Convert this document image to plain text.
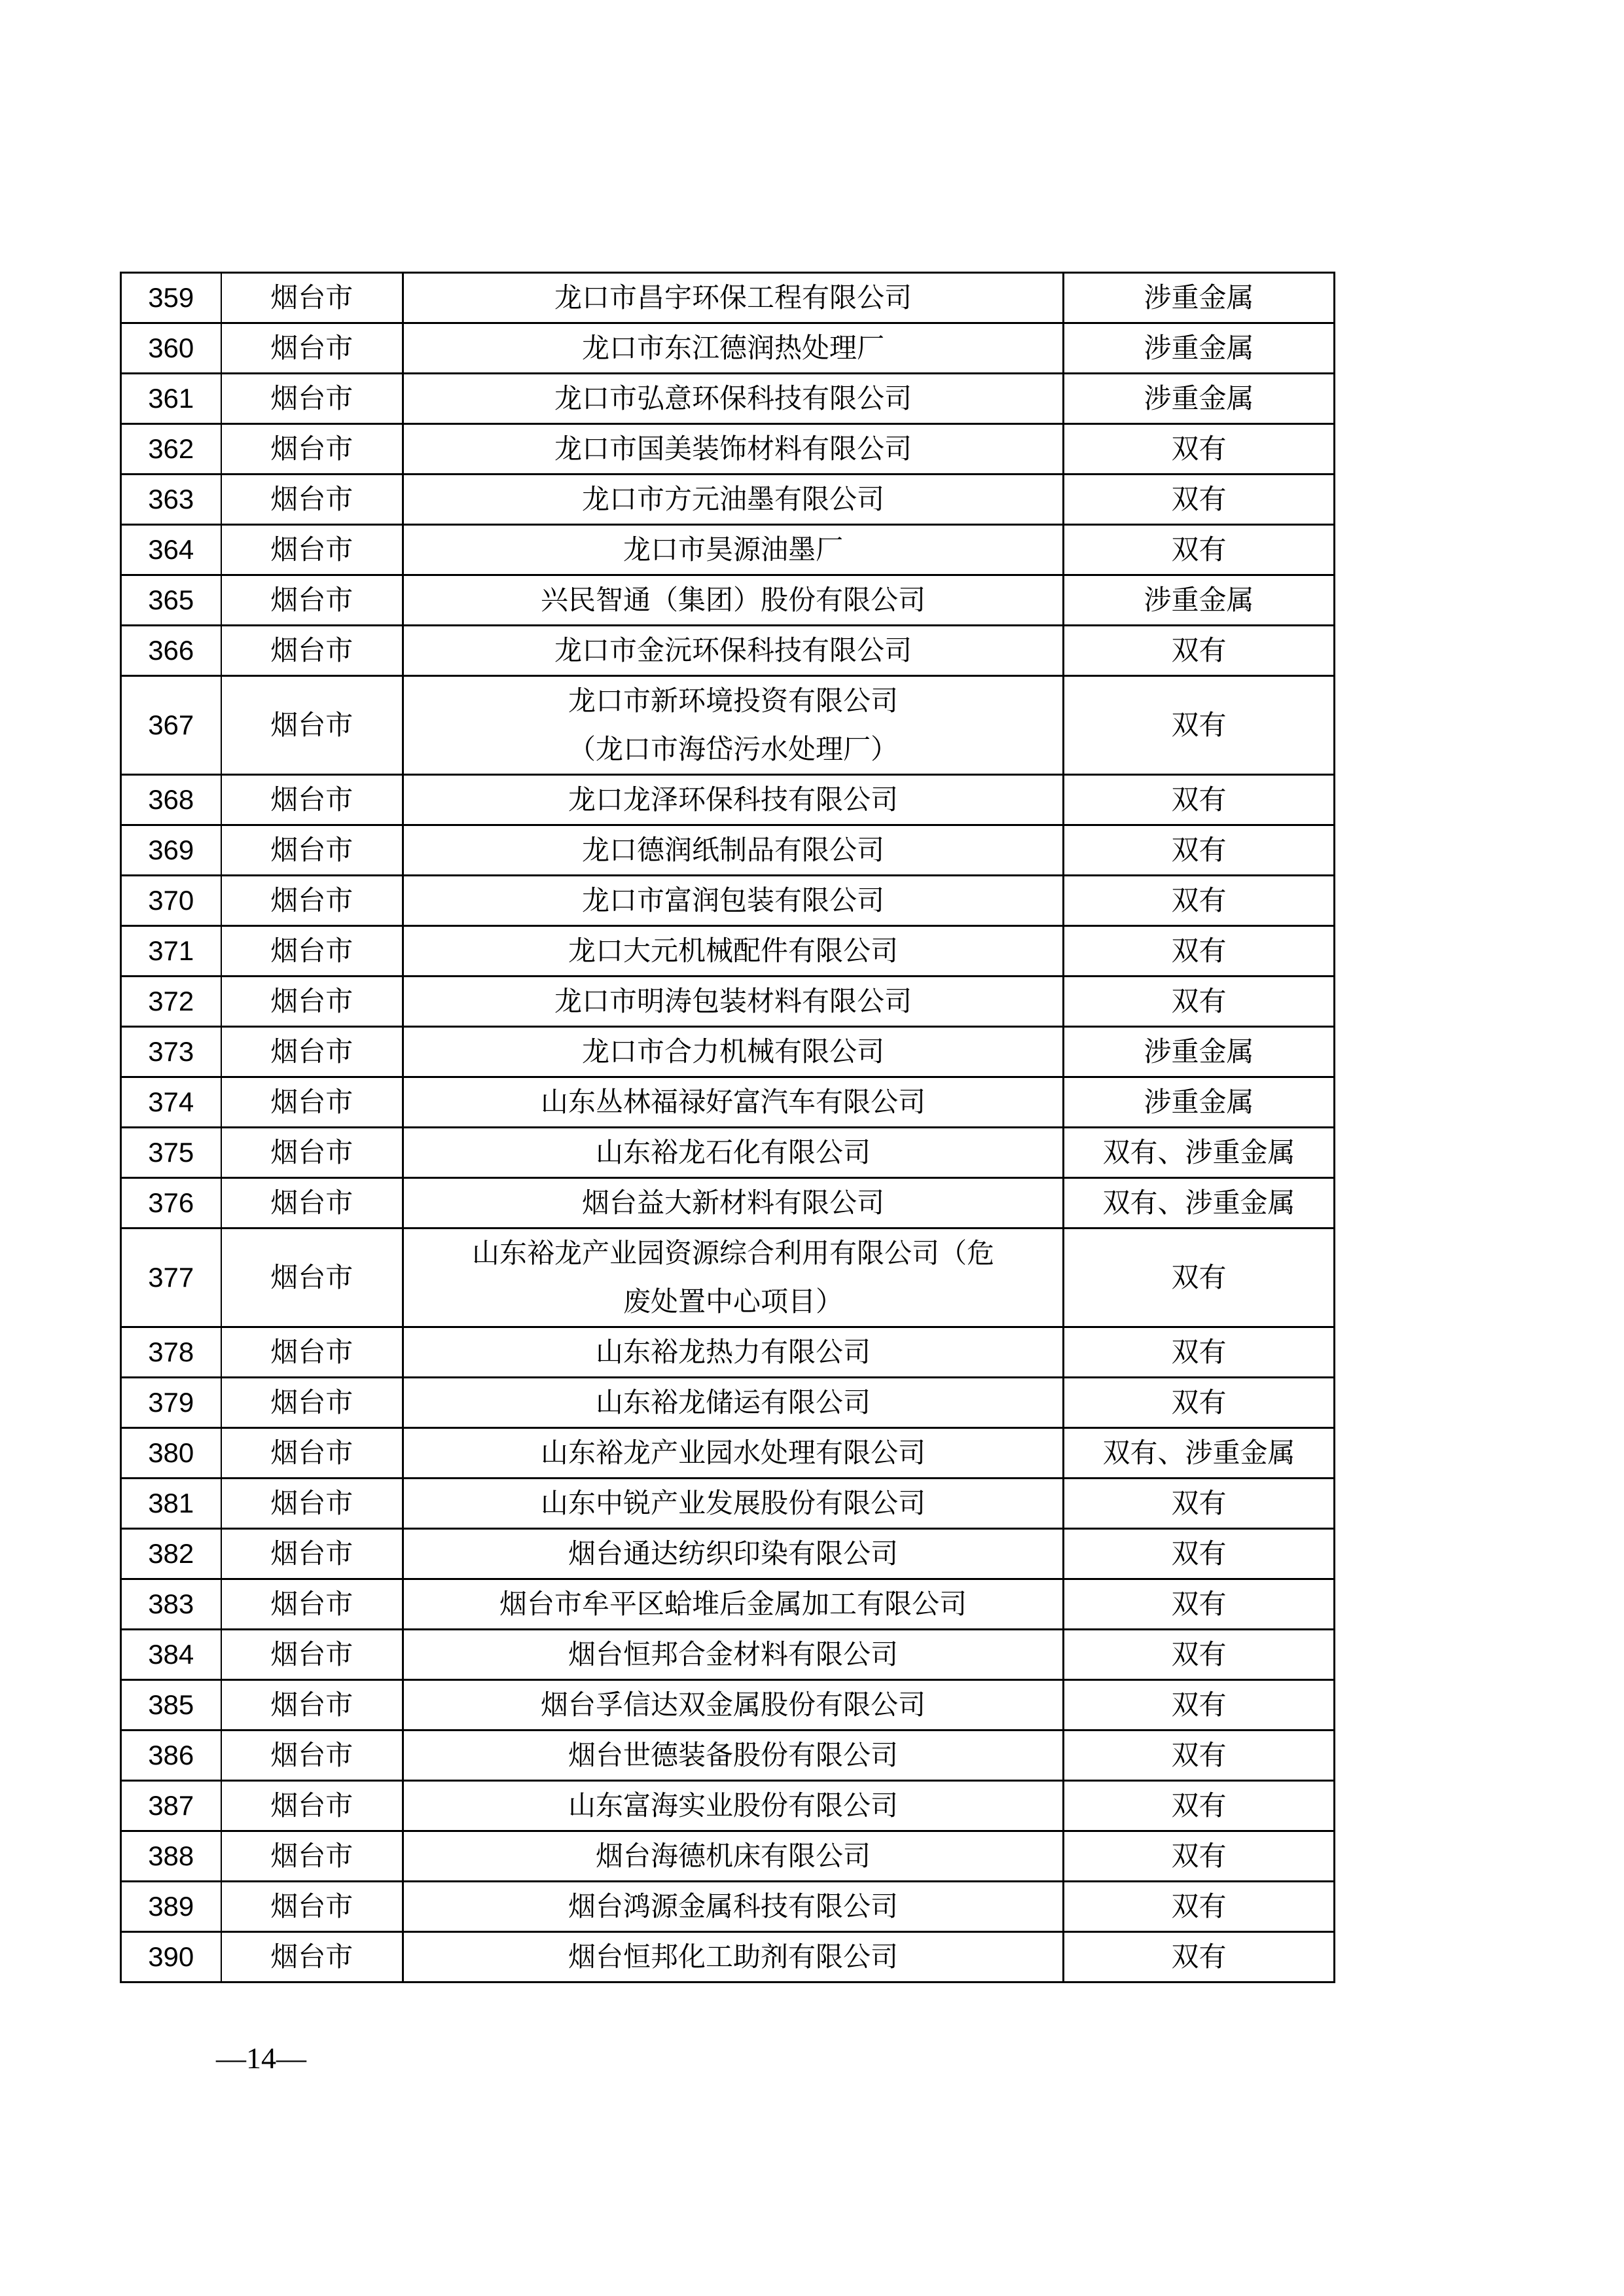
359	烟台市	龙口市昌宇环保工程有限公司	涉重金属
360	烟台市	龙口市东江德润热处理厂	涉重金属
361	烟台市	龙口市弘意环保科技有限公司	涉重金属
362	烟台市	龙口市国美装饰材料有限公司	双有
363	烟台市	龙口市方元油墨有限公司	双有
364	烟台市	龙口市昊源油墨厂	双有
365	烟台市	兴民智通（集团）股份有限公司	涉重金属
366	烟台市	龙口市金沅环保科技有限公司	双有
367	烟台市	龙口市新环境投资有限公司
（龙口市海岱污水处理厂）	双有
368	烟台市	龙口龙泽环保科技有限公司	双有
369	烟台市	龙口德润纸制品有限公司	双有
370	烟台市	龙口市富润包装有限公司	双有
371	烟台市	龙口大元机械配件有限公司	双有
372	烟台市	龙口市明涛包装材料有限公司	双有
373	烟台市	龙口市合力机械有限公司	涉重金属
374	烟台市	山东丛林福禄好富汽车有限公司	涉重金属
375	烟台市	山东裕龙石化有限公司	双有、涉重金属
376	烟台市	烟台益大新材料有限公司	双有、涉重金属
377	烟台市	山东裕龙产业园资源综合利用有限公司（危
废处置中心项目）	双有
378	烟台市	山东裕龙热力有限公司	双有
379	烟台市	山东裕龙储运有限公司	双有
380	烟台市	山东裕龙产业园水处理有限公司	双有、涉重金属
381	烟台市	山东中锐产业发展股份有限公司	双有
382	烟台市	烟台通达纺织印染有限公司	双有
383	烟台市	烟台市牟平区蛤堆后金属加工有限公司	双有
384	烟台市	烟台恒邦合金材料有限公司	双有
385	烟台市	烟台孚信达双金属股份有限公司	双有
386	烟台市	烟台世德装备股份有限公司	双有
387	烟台市	山东富海实业股份有限公司	双有
388	烟台市	烟台海德机床有限公司	双有
389	烟台市	烟台鸿源金属科技有限公司	双有
390	烟台市	烟台恒邦化工助剂有限公司	双有
—14—
